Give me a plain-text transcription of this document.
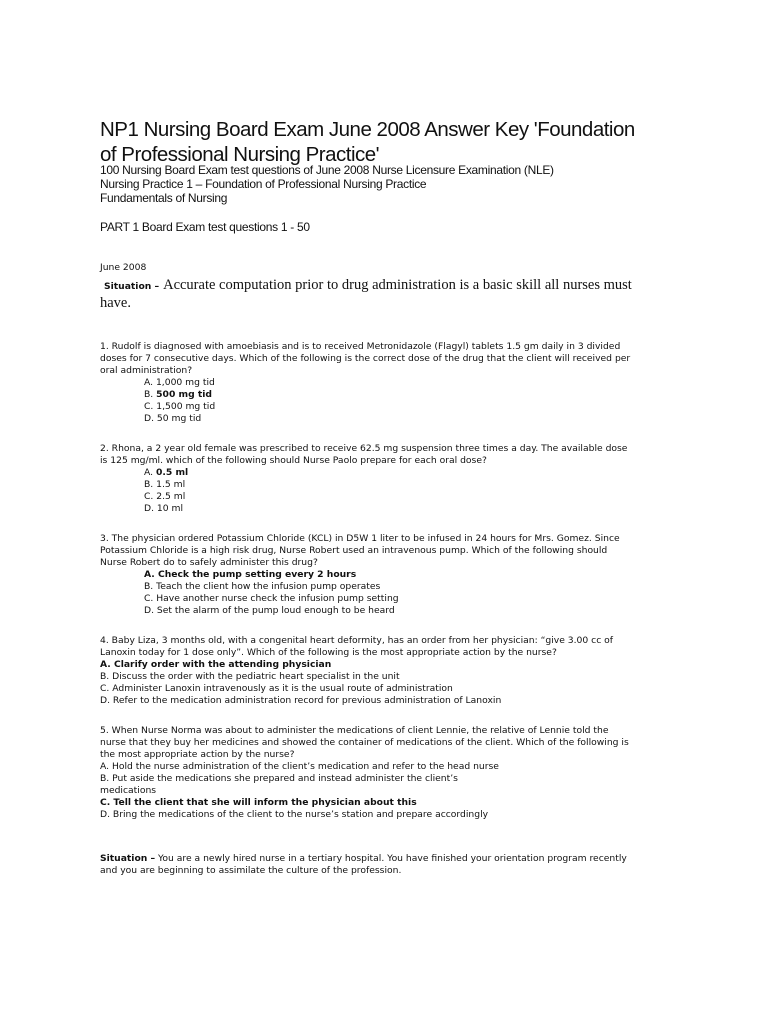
NP1 Nursing Board Exam June 2008 Answer Key 'Foundation
of Professional Nursing Practice'
100 Nursing Board Exam test questions of June 2008 Nurse Licensure Examination (NLE)
Nursing Practice 1 – Foundation of Professional Nursing Practice
Fundamentals of Nursing
PART 1 Board Exam test questions 1 - 50
June 2008
Situation – Accurate computation prior to drug administration is a basic skill all nurses must
have.

1. Rudolf is diagnosed with amoebiasis and is to received Metronidazole (Flagyl) tablets 1.5 gm daily in 3 divided

doses for 7 consecutive days. Which of the following is the correct dose of the drug that the client will received per

oral administration?

A. 1,000 mg tid

B. 500 mg tid

C. 1,500 mg tid

D. 50 mg tid

2. Rhona, a 2 year old female was prescribed to receive 62.5 mg suspension three times a day. The available dose

is 125 mg/ml. which of the following should Nurse Paolo prepare for each oral dose?

A. 0.5 ml

B. 1.5 ml

C. 2.5 ml

D. 10 ml

3. The physician ordered Potassium Chloride (KCL) in D5W 1 liter to be infused in 24 hours for Mrs. Gomez. Since

Potassium Chloride is a high risk drug, Nurse Robert used an intravenous pump. Which of the following should

Nurse Robert do to safely administer this drug?

A. Check the pump setting every 2 hours

B. Teach the client how the infusion pump operates

C. Have another nurse check the infusion pump setting

D. Set the alarm of the pump loud enough to be heard

4. Baby Liza, 3 months old, with a congenital heart deformity, has an order from her physician: “give 3.00 cc of

Lanoxin today for 1 dose only”. Which of the following is the most appropriate action by the nurse?

A. Clarify order with the attending physician

B. Discuss the order with the pediatric heart specialist in the unit

C. Administer Lanoxin intravenously as it is the usual route of administration

D. Refer to the medication administration record for previous administration of Lanoxin

5. When Nurse Norma was about to administer the medications of client Lennie, the relative of Lennie told the

nurse that they buy her medicines and showed the container of medications of the client. Which of the following is

the most appropriate action by the nurse?

A. Hold the nurse administration of the client’s medication and refer to the head nurse

B. Put aside the medications she prepared and instead administer the client’s

medications

C. Tell the client that she will inform the physician about this

D. Bring the medications of the client to the nurse’s station and prepare accordingly

Situation – You are a newly hired nurse in a tertiary hospital. You have finished your orientation program recently

and you are beginning to assimilate the culture of the profession.
